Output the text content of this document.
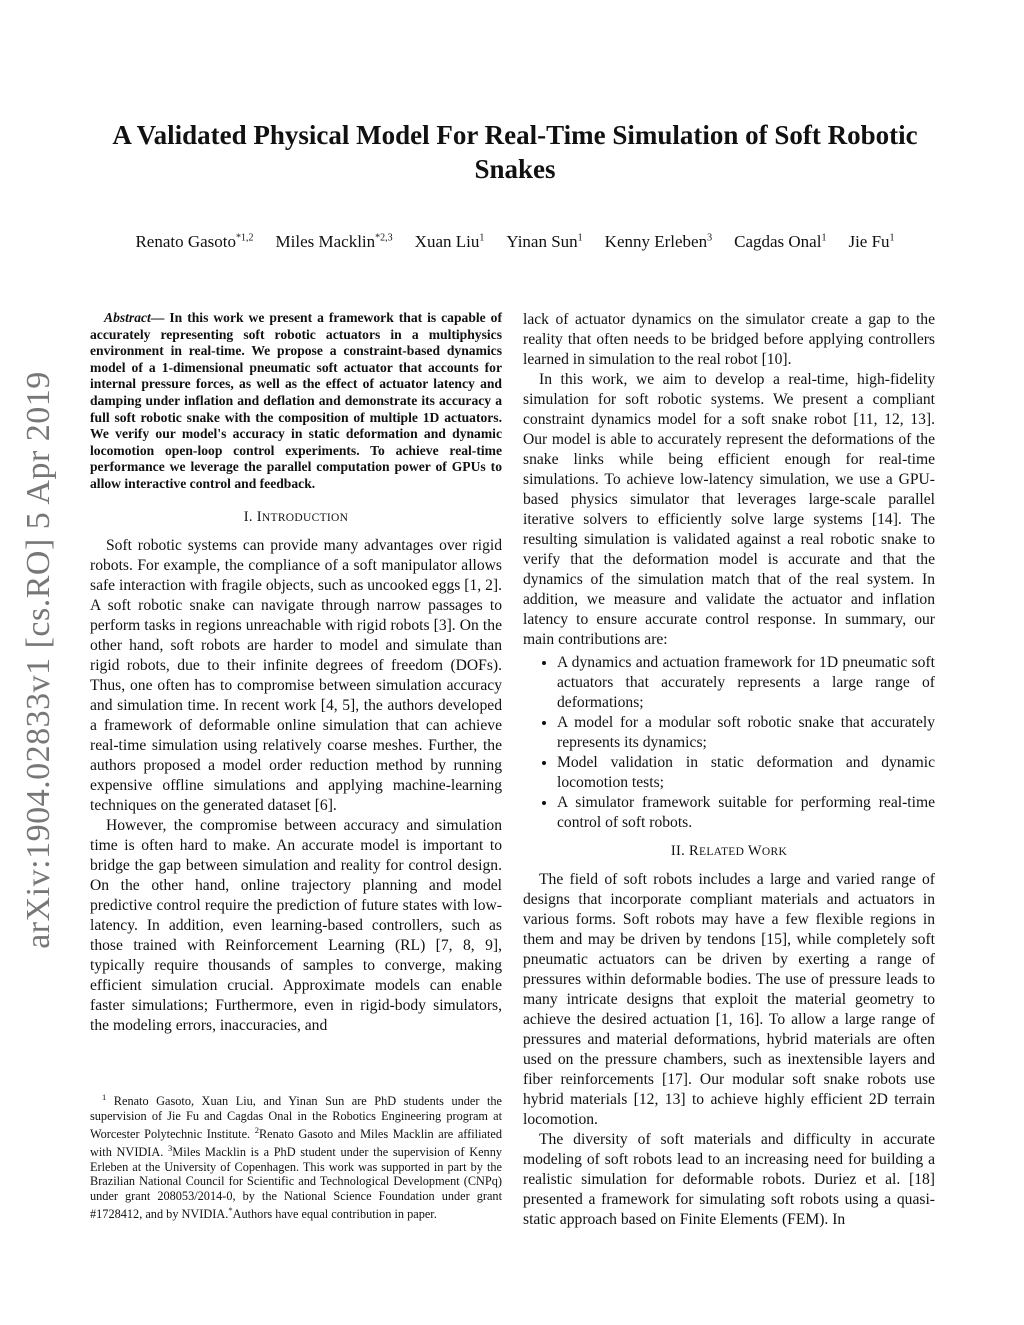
arXiv:1904.02833v1 [cs.RO] 5 Apr 2019
A Validated Physical Model For Real-Time Simulation of Soft Robotic Snakes
Renato Gasoto$^{*1,2}$ Miles Macklin$^{*2,3}$ Xuan Liu$^1$ Yinan Sun$^1$ Kenny Erleben$^3$ Cagdas Onal$^1$ Jie Fu$^1$

Abstract— In this work we present a framework that is capable of accurately representing soft robotic actuators in a multiphysics environment in real-time. We propose a constraint-based dynamics model of a 1-dimensional pneumatic soft actuator that accounts for internal pressure forces, as well as the effect of actuator latency and damping under inflation and deflation and demonstrate its accuracy a full soft robotic snake with the composition of multiple 1D actuators. We verify our model's accuracy in static deformation and dynamic locomotion open-loop control experiments. To achieve real-time performance we leverage the parallel computation power of GPUs to allow interactive control and feedback.

I. INTRODUCTION

Soft robotic systems can provide many advantages over rigid robots. For example, the compliance of a soft manipulator allows safe interaction with fragile objects, such as uncooked eggs [1, 2]. A soft robotic snake can navigate through narrow passages to perform tasks in regions unreachable with rigid robots [3]. On the other hand, soft robots are harder to model and simulate than rigid robots, due to their infinite degrees of freedom (DOFs). Thus, one often has to compromise between simulation accuracy and simulation time. In recent work [4, 5], the authors developed a framework of deformable online simulation that can achieve real-time simulation using relatively coarse meshes. Further, the authors proposed a model order reduction method by running expensive offline simulations and applying machine-learning techniques on the generated dataset [6].

However, the compromise between accuracy and simulation time is often hard to make. An accurate model is important to bridge the gap between simulation and reality for control design. On the other hand, online trajectory planning and model predictive control require the prediction of future states with low-latency. In addition, even learning-based controllers, such as those trained with Reinforcement Learning (RL) [7, 8, 9], typically require thousands of samples to converge, making efficient simulation crucial. Approximate models can enable faster simulations; Furthermore, even in rigid-body simulators, the modeling errors, inaccuracies, and

lack of actuator dynamics on the simulator create a gap to the reality that often needs to be bridged before applying controllers learned in simulation to the real robot [10].

In this work, we aim to develop a real-time, high-fidelity simulation for soft robotic systems. We present a compliant constraint dynamics model for a soft snake robot [11, 12, 13]. Our model is able to accurately represent the deformations of the snake links while being efficient enough for real-time simulations. To achieve low-latency simulation, we use a GPU-based physics simulator that leverages large-scale parallel iterative solvers to efficiently solve large systems [14]. The resulting simulation is validated against a real robotic snake to verify that the deformation model is accurate and that the dynamics of the simulation match that of the real system. In addition, we measure and validate the actuator and inflation latency to ensure accurate control response. In summary, our main contributions are:

• A dynamics and actuation framework for 1D pneumatic soft actuators that accurately represents a large range of deformations;
• A model for a modular soft robotic snake that accurately represents its dynamics;
• Model validation in static deformation and dynamic locomotion tests;
• A simulator framework suitable for performing real-time control of soft robots.
II. RELATED WORK

The field of soft robots includes a large and varied range of designs that incorporate compliant materials and actuators in various forms. Soft robots may have a few flexible regions in them and may be driven by tendons [15], while completely soft pneumatic actuators can be driven by exerting a range of pressures within deformable bodies. The use of pressure leads to many intricate designs that exploit the material geometry to achieve the desired actuation [1, 16]. To allow a large range of pressures and material deformations, hybrid materials are often used on the pressure chambers, such as inextensible layers and fiber reinforcements [17]. Our modular soft snake robots use hybrid materials [12, 13] to achieve highly efficient 2D terrain locomotion.

The diversity of soft materials and difficulty in accurate modeling of soft robots lead to an increasing need for building a realistic simulation for deformable robots. Duriez et al. [18] presented a framework for simulating soft robots using a quasi-static approach based on Finite Elements (FEM). In

$^1$ Renato Gasoto, Xuan Liu, and Yinan Sun are PhD students under the supervision of Jie Fu and Cagdas Onal in the Robotics Engineering program at Worcester Polytechnic Institute. $^2$Renato Gasoto and Miles Macklin are affiliated with NVIDIA. $^3$Miles Macklin is a PhD student under the supervision of Kenny Erleben at the University of Copenhagen. This work was supported in part by the Brazilian National Council for Scientific and Technological Development (CNPq) under grant 208053/2014-0, by the National Science Foundation under grant #1728412, and by NVIDIA.*Authors have equal contribution in paper.
